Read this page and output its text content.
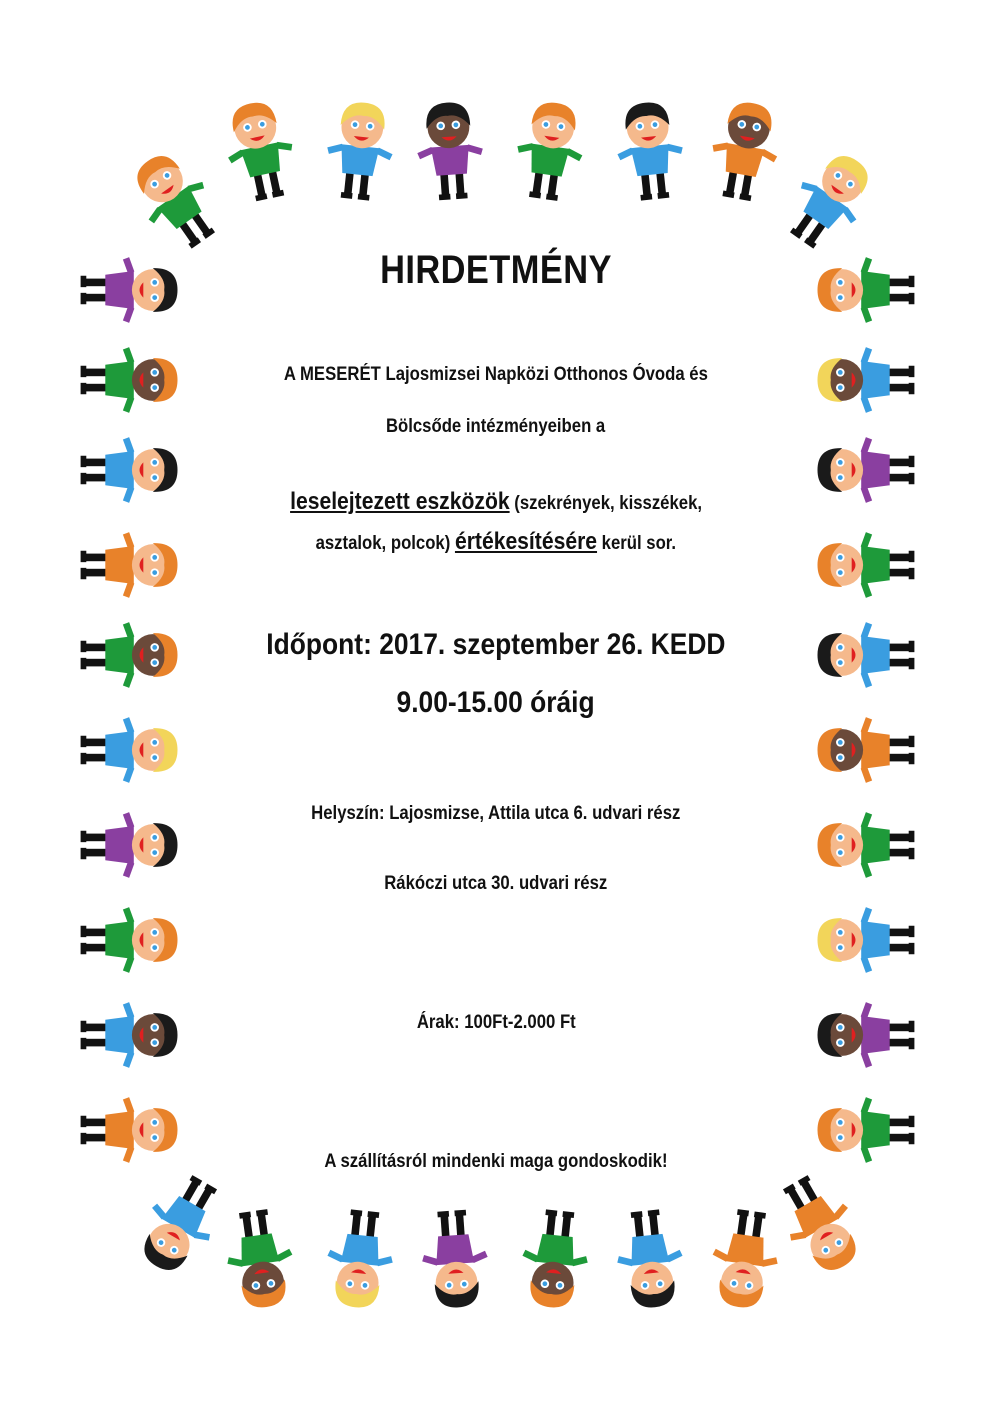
HIRDETMÉNY
A MESERÉT Lajosmizsei Napközi Otthonos Óvoda és
Bölcsőde intézményeiben a
leselejtezett eszközök (szekrények, kisszékek,
asztalok, polcok) értékesítésére kerül sor.
Időpont: 2017. szeptember 26. KEDD
9.00-15.00 óráig
Helyszín: Lajosmizse, Attila utca 6. udvari rész
Rákóczi utca 30. udvari rész
Árak: 100Ft-2.000 Ft
A szállításról mindenki maga gondoskodik!
